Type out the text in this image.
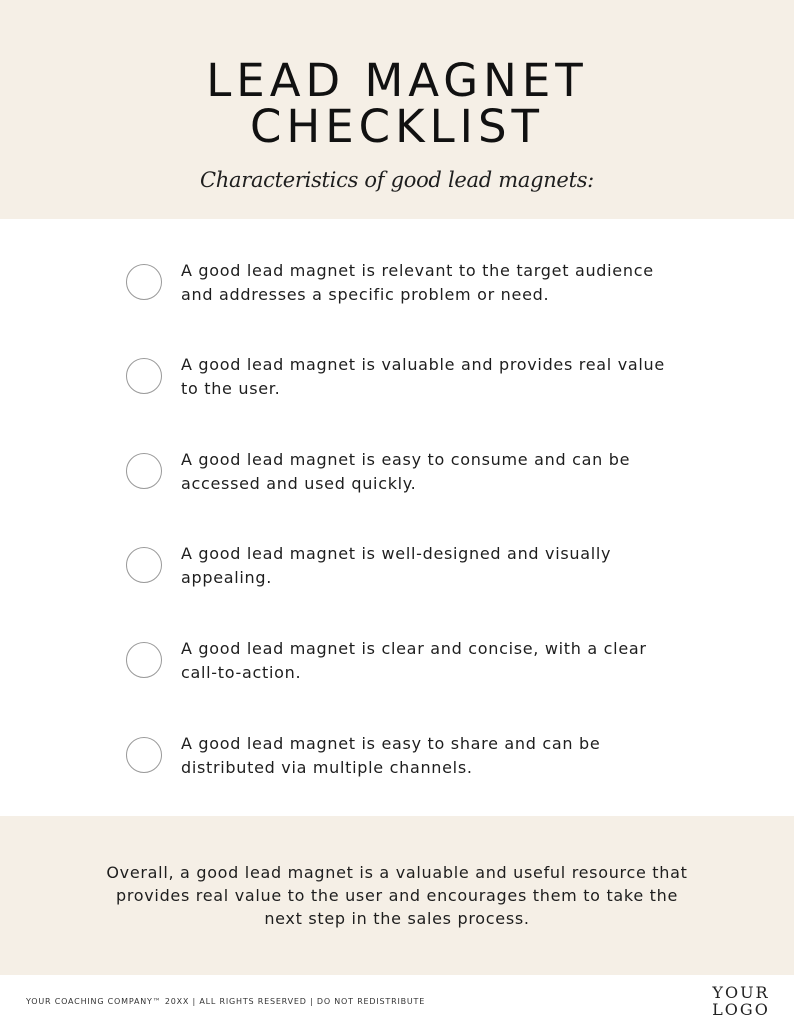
LEAD MAGNET
CHECKLIST
Characteristics of good lead magnets:
A good lead magnet is relevant to the target audience and addresses a specific problem or need.
A good lead magnet is valuable and provides real value to the user.
A good lead magnet is easy to consume and can be accessed and used quickly.
A good lead magnet is well-designed and visually appealing.
A good lead magnet is clear and concise, with a clear call-to-action.
A good lead magnet is easy to share and can be distributed via multiple channels.

Overall, a good lead magnet is a valuable and useful resource that provides real value to the user and encourages them to take the next step in the sales process.

YOUR COACHING COMPANY™ 20XX | ALL RIGHTS RESERVED | DO NOT REDISTRIBUTE	YOUR
LOGO
